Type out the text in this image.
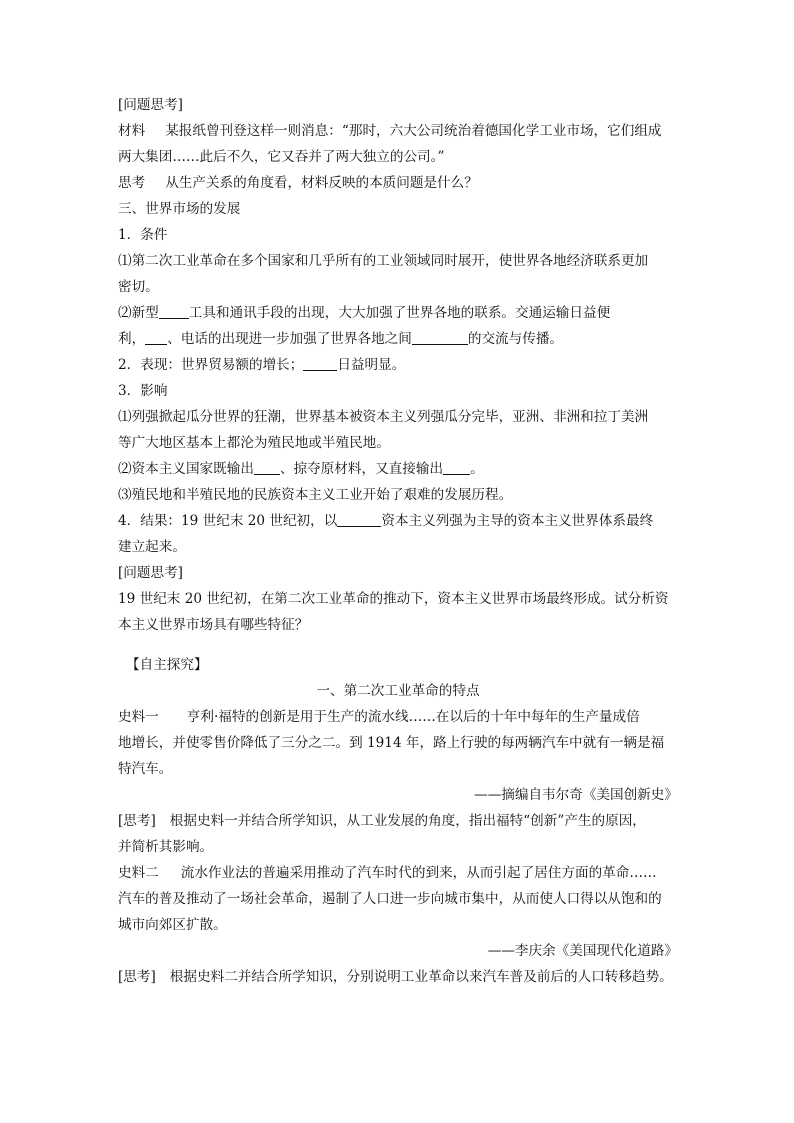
[问题思考]
材料 某报纸曾刊登这样一则消息：“那时，六大公司统治着德国化学工业市场，它们组成
两大集团……此后不久，它又吞并了两大独立的公司。”
思考 从生产关系的角度看，材料反映的本质问题是什么？
三、世界市场的发展
1．条件
⑴第二次工业革命在多个国家和几乎所有的工业领域同时展开，使世界各地经济联系更加
密切。
⑵新型 工具和通讯手段的出现，大大加强了世界各地的联系。交通运输日益便
利， 、电话的出现进一步加强了世界各地之间	的交流与传播。
2．表现：世界贸易额的增长；	日益明显。
3．影响
⑴列强掀起瓜分世界的狂潮，世界基本被资本主义列强瓜分完毕，亚洲、非洲和拉丁美洲
等广大地区基本上都沦为殖民地或半殖民地。
⑵资本主义国家既输出 、掠夺原材料，又直接输出 。
⑶殖民地和半殖民地的民族资本主义工业开始了艰难的发展历程。
4．结果：19 世纪末 20 世纪初，以	资本主义列强为主导的资本主义世界体系最终
建立起来。
[问题思考]
19 世纪末 20 世纪初，在第二次工业革命的推动下，资本主义世界市场最终形成。试分析资
本主义世界市场具有哪些特征？
【自主探究】
一、第二次工业革命的特点
史料一 亨利·福特的创新是用于生产的流水线……在以后的十年中每年的生产量成倍
地增长，并使零售价降低了三分之二。到 1914 年，路上行驶的每两辆汽车中就有一辆是福
特汽车。
——摘编自韦尔奇《美国创新史》
[思考] 根据史料一并结合所学知识，从工业发展的角度，指出福特“创新”产生的原因，
并简析其影响。
史料二 流水作业法的普遍采用推动了汽车时代的到来，从而引起了居住方面的革命……
汽车的普及推动了一场社会革命，遏制了人口进一步向城市集中，从而使人口得以从饱和的
城市向郊区扩散。
——李庆余《美国现代化道路》
[思考] 根据史料二并结合所学知识，分别说明工业革命以来汽车普及前后的人口转移趋势。
